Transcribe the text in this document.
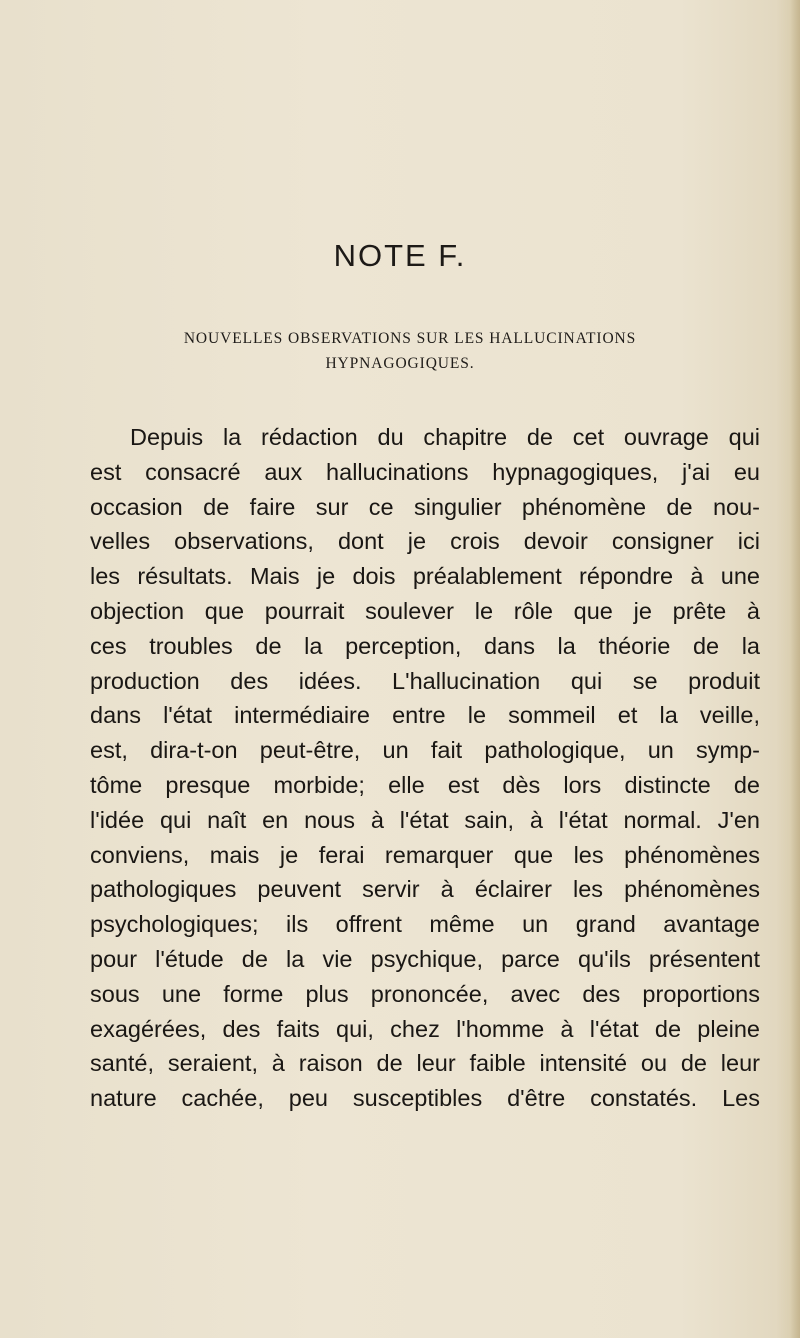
NOTE F.
NOUVELLES OBSERVATIONS SUR LES HALLUCINATIONS
HYPNAGOGIQUES.
Depuis la rédaction du chapitre de cet ouvrage qui
est consacré aux hallucinations hypnagogiques, j'ai eu
occasion de faire sur ce singulier phénomène de nou-
velles observations, dont je crois devoir consigner ici
les résultats. Mais je dois préalablement répondre à une
objection que pourrait soulever le rôle que je prête à
ces troubles de la perception, dans la théorie de la
production des idées. L'hallucination qui se produit
dans l'état intermédiaire entre le sommeil et la veille,
est, dira-t-on peut-être, un fait pathologique, un symp-
tôme presque morbide; elle est dès lors distincte de
l'idée qui naît en nous à l'état sain, à l'état normal. J'en
conviens, mais je ferai remarquer que les phénomènes
pathologiques peuvent servir à éclairer les phénomènes
psychologiques; ils offrent même un grand avantage
pour l'étude de la vie psychique, parce qu'ils présentent
sous une forme plus prononcée, avec des proportions
exagérées, des faits qui, chez l'homme à l'état de pleine
santé, seraient, à raison de leur faible intensité ou de leur
nature cachée, peu susceptibles d'être constatés. Les
